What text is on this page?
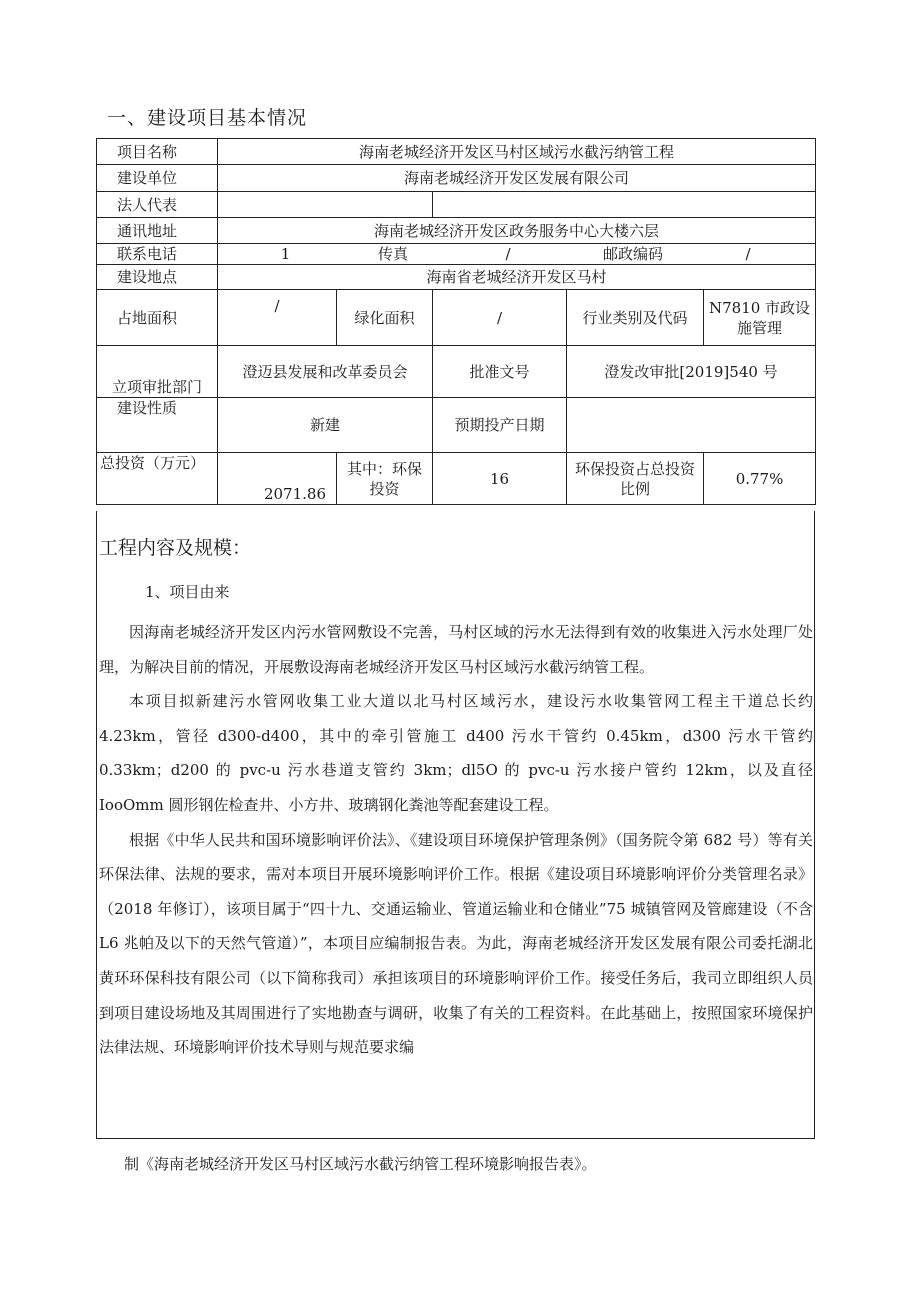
一、建设项目基本情况
项目名称	海南老城经济开发区马村区域污水截污纳管工程				
建设单位	海南老城经济开发区发展有限公司				
法人代表					
通讯地址	海南老城经济开发区政务服务中心大楼六层				
联系电话	1 传真 / 邮政编码 /				

建设地点	海南省老城经济开发区马村				
占地面积	/	绿化面积	/	行业类别及代码	N7810 市政设施管理
立项审批部门	澄迈县发展和改革委员会		批准文号	澄发改审批[2019]540 号	
建设性质	新建		预期投产日期		
总投资（万元）	2071.86	其中：环保投资	16	环保投资占总投资比例	0.77%
工程内容及规模：
1、项目由来

因海南老城经济开发区内污水管网敷设不完善，马村区域的污水无法得到有效的收集进入污水处理厂处理，为解决目前的情况，开展敷设海南老城经济开发区马村区域污水截污纳管工程。

本项目拟新建污水管网收集工业大道以北马村区域污水，建设污水收集管网工程主干道总长约 4.23km，管径 d300-d400，其中的牵引管施工 d400 污水干管约 0.45km，d300 污水干管约 0.33km；d200 的 pvc-u 污水巷道支管约 3km；dl5O 的 pvc-u 污水接户管约 12km，以及直径 IooOmm 圆形钢佐检查井、小方井、玻璃钢化粪池等配套建设工程。

根据《中华人民共和国环境影响评价法》、《建设项目环境保护管理条例》（国务院令第 682 号）等有关环保法律、法规的要求，需对本项目开展环境影响评价工作。根据《建设项目环境影响评价分类管理名录》（2018 年修订），该项目属于“四十九、交通运输业、管道运输业和仓储业”75 城镇管网及管廊建设（不含 L6 兆帕及以下的天然气管道）”，本项目应编制报告表。为此，海南老城经济开发区发展有限公司委托湖北黄环环保科技有限公司（以下简称我司）承担该项目的环境影响评价工作。接受任务后，我司立即组织人员到项目建设场地及其周围进行了实地勘查与调研，收集了有关的工程资料。在此基础上，按照国家环境保护法律法规、环境影响评价技术导则与规范要求编

制《海南老城经济开发区马村区域污水截污纳管工程环境影响报告表》。
